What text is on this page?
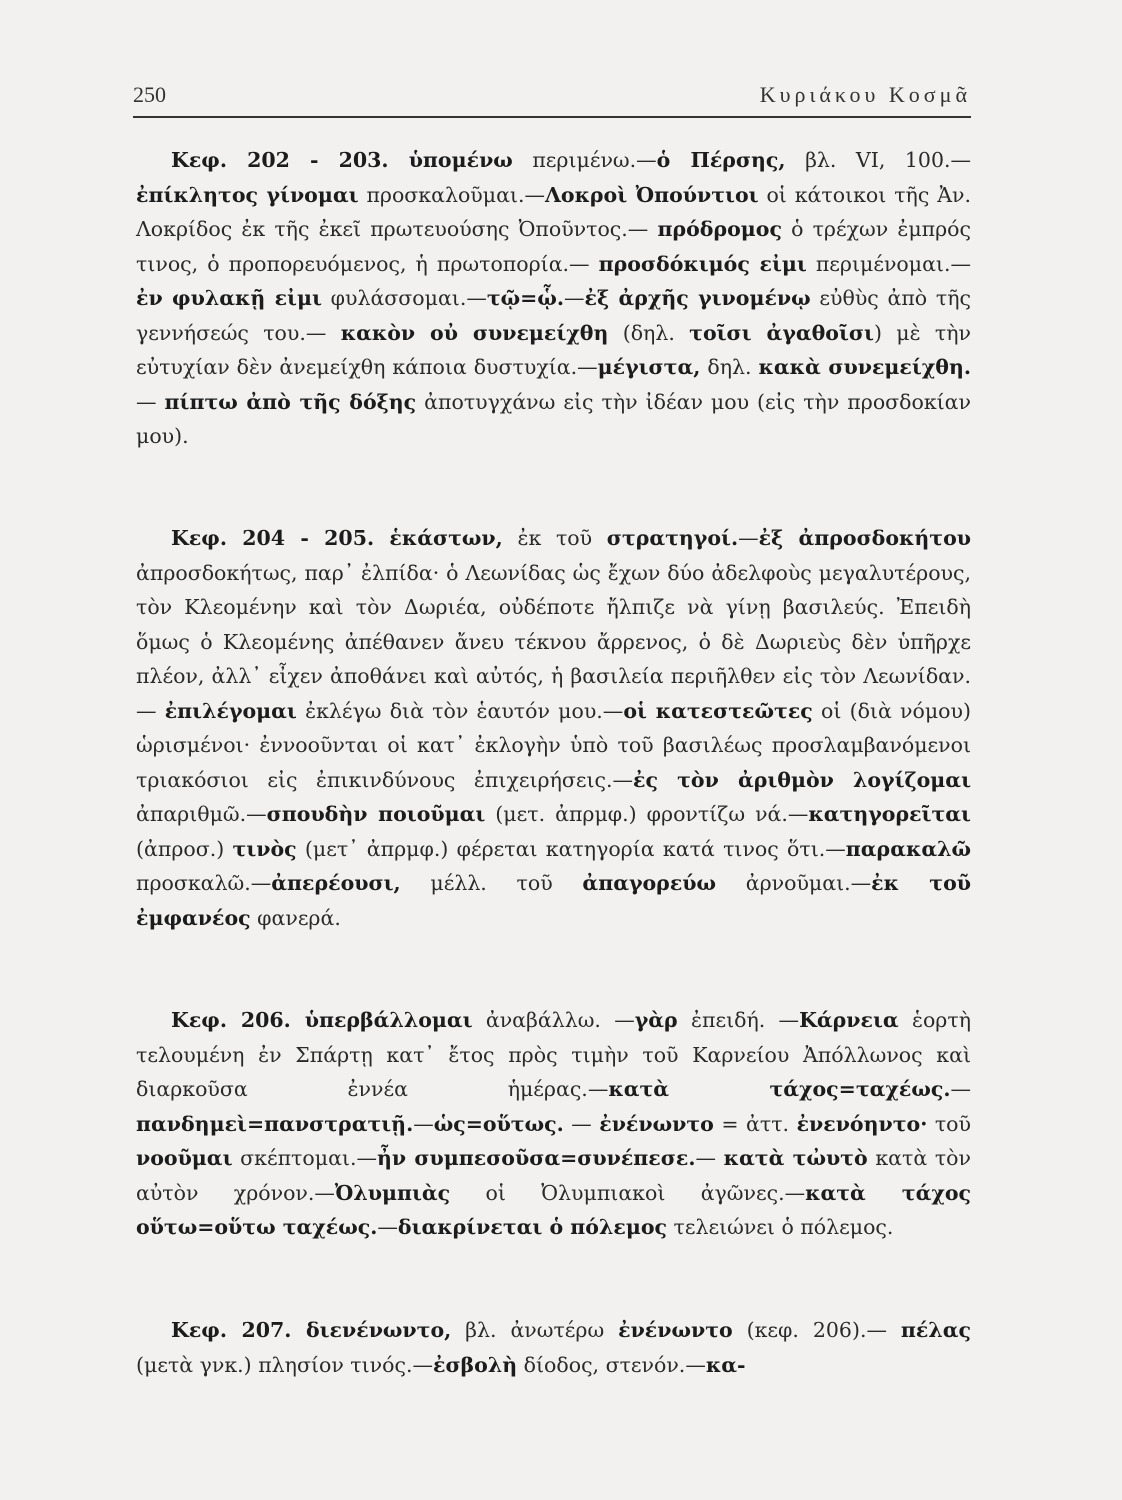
250	Κυριάκου Κοσμᾶ

Κεφ. 202 - 203. ὑπομένω περιμένω.—ὁ Πέρσης, βλ. VI, 100.—ἐπίκλητος γίνομαι προσκαλοῦμαι.—Λοκροὶ Ὀπούντιοι οἱ κάτοικοι τῆς Ἀν. Λοκρίδος ἐκ τῆς ἐκεῖ πρωτευούσης Ὀποῦντος.— πρόδρομος ὁ τρέχων ἐμπρός τινος, ὁ προπορευόμενος, ἡ πρωτοπορία.— προσδόκιμός εἰμι περιμένομαι.—ἐν φυλακῇ εἰμι φυλάσσομαι.—τῷ=ᾧ.—ἐξ ἀρχῆς γινομένῳ εὐθὺς ἀπὸ τῆς γεννήσεώς του.— κακὸν οὐ συνεμείχθη (δηλ. τοῖσι ἀγαθοῖσι) μὲ τὴν εὐτυχίαν δὲν ἀνεμείχθη κάποια δυστυχία.—μέγιστα, δηλ. κακὰ συνεμείχθη.— πίπτω ἀπὸ τῆς δόξης ἀποτυγχάνω εἰς τὴν ἰδέαν μου (εἰς τὴν προσδοκίαν μου).

Κεφ. 204 - 205. ἑκάστων, ἐκ τοῦ στρατηγοί.—ἐξ ἀπροσδοκήτου ἀπροσδοκήτως, παρ᾽ ἐλπίδα· ὁ Λεωνίδας ὡς ἔχων δύο ἀδελφοὺς μεγαλυτέρους, τὸν Κλεομένην καὶ τὸν Δωριέα, οὐδέποτε ἤλπιζε νὰ γίνῃ βασιλεύς. Ἐπειδὴ ὅμως ὁ Κλεομένης ἀπέθανεν ἄνευ τέκνου ἄρρενος, ὁ δὲ Δωριεὺς δὲν ὑπῆρχε πλέον, ἀλλ᾽ εἶχεν ἀποθάνει καὶ αὐτός, ἡ βασιλεία περιῆλθεν εἰς τὸν Λεωνίδαν.— ἐπιλέγομαι ἐκλέγω διὰ τὸν ἑαυτόν μου.—οἱ κατεστεῶτες οἱ (διὰ νόμου) ὡρισμένοι· ἐννοοῦνται οἱ κατ᾽ ἐκλογὴν ὑπὸ τοῦ βασιλέως προσλαμβανόμενοι τριακόσιοι εἰς ἐπικινδύνους ἐπιχειρήσεις.—ἐς τὸν ἀριθμὸν λογίζομαι ἀπαριθμῶ.—σπουδὴν ποιοῦμαι (μετ. ἀπρμφ.) φροντίζω νά.—κατηγορεῖται (ἀπροσ.) τινὸς (μετ᾽ ἀπρμφ.) φέρεται κατηγορία κατά τινος ὅτι.—παρακαλῶ προσκαλῶ.—ἀπερέουσι, μέλλ. τοῦ ἀπαγορεύω ἀρνοῦμαι.—ἐκ τοῦ ἐμφανέος φανερά.

Κεφ. 206. ὑπερβάλλομαι ἀναβάλλω. —γὰρ ἐπειδή. —Κάρνεια ἑορτὴ τελουμένη ἐν Σπάρτῃ κατ᾽ ἔτος πρὸς τιμὴν τοῦ Καρνείου Ἀπόλλωνος καὶ διαρκοῦσα ἐννέα ἡμέρας.—κατὰ τάχος=ταχέως.— πανδημεὶ=πανστρατιῇ.—ὡς=οὕτως. — ἐνένωντο = ἀττ. ἐνενόηντο· τοῦ νοοῦμαι σκέπτομαι.—ἦν συμπεσοῦσα=συνέπεσε.— κατὰ τὠυτὸ κατὰ τὸν αὐτὸν χρόνον.—Ὀλυμπιὰς οἱ Ὀλυμπιακοὶ ἀγῶνες.—κατὰ τάχος οὕτω=οὕτω ταχέως.—διακρίνεται ὁ πόλεμος τελειώνει ὁ πόλεμος.

Κεφ. 207. διενένωντο, βλ. ἀνωτέρω ἐνένωντο (κεφ. 206).— πέλας (μετὰ γνκ.) πλησίον τινός.—ἐσβολὴ δίοδος, στενόν.—κα-
